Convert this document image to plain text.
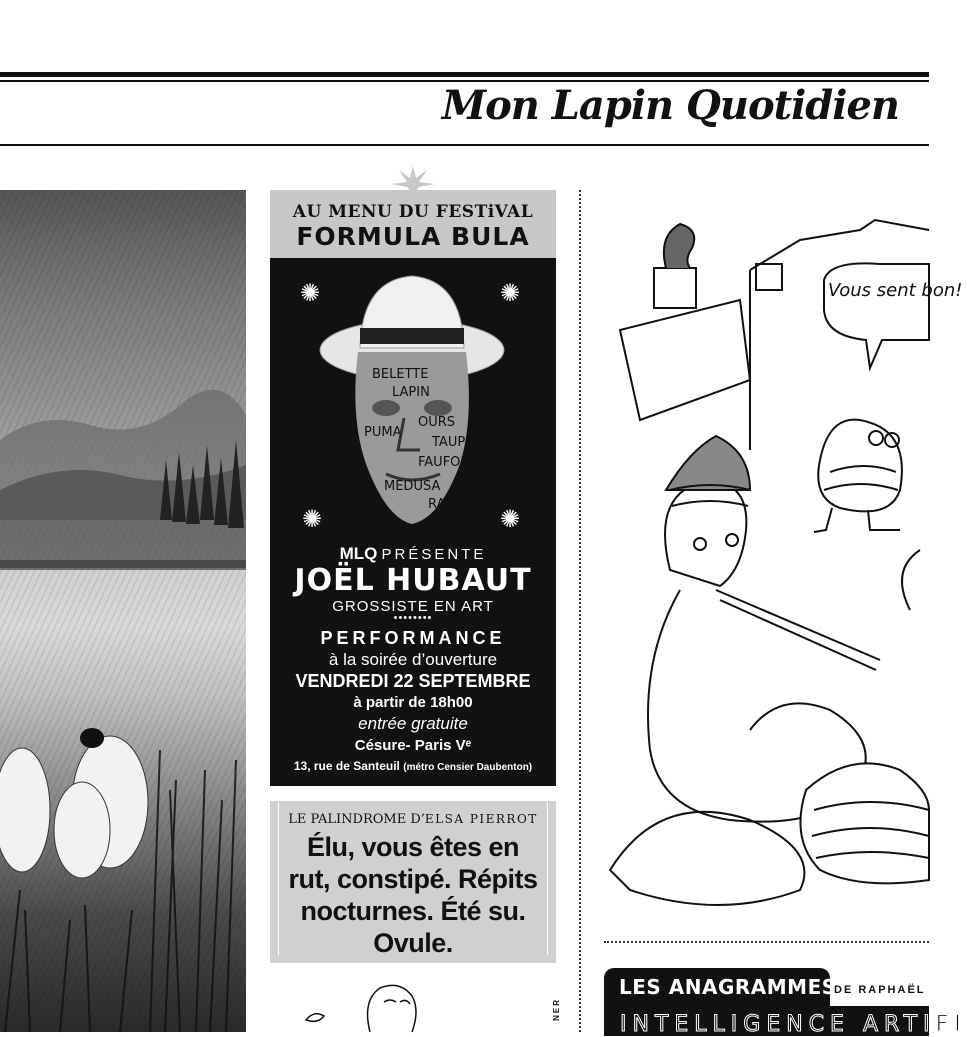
Mon Lapin Quotidien
AU MENU DU FESTiVAL
FORMULA BULA
✺	✺
✺	✺
BELETTE
LAPIN
OURS
TAUPE
FAUFOR
PUMA
MEDUSA
RAT
MLQ PRÉSENTE
JOËL HUBAUT
GROSSISTE EN ART
••••••••
PERFORMANCE
à la soirée d’ouverture
VENDREDI 22 SEPTEMBRE
à partir de 18h00
entrée gratuite
Césure- Paris Vᵉ
13, rue de Santeuil (métro Censier Daubenton)
LE PALINDROME D’ELSA PIERROT
Élu, vous êtes en rut, constipé. Répits nocturnes. Été su. Ovule.
NER
Vous sent bon!
LES ANAGRAMMES
DE RAPHAËL
INTELLIGENCE ARTIFI
